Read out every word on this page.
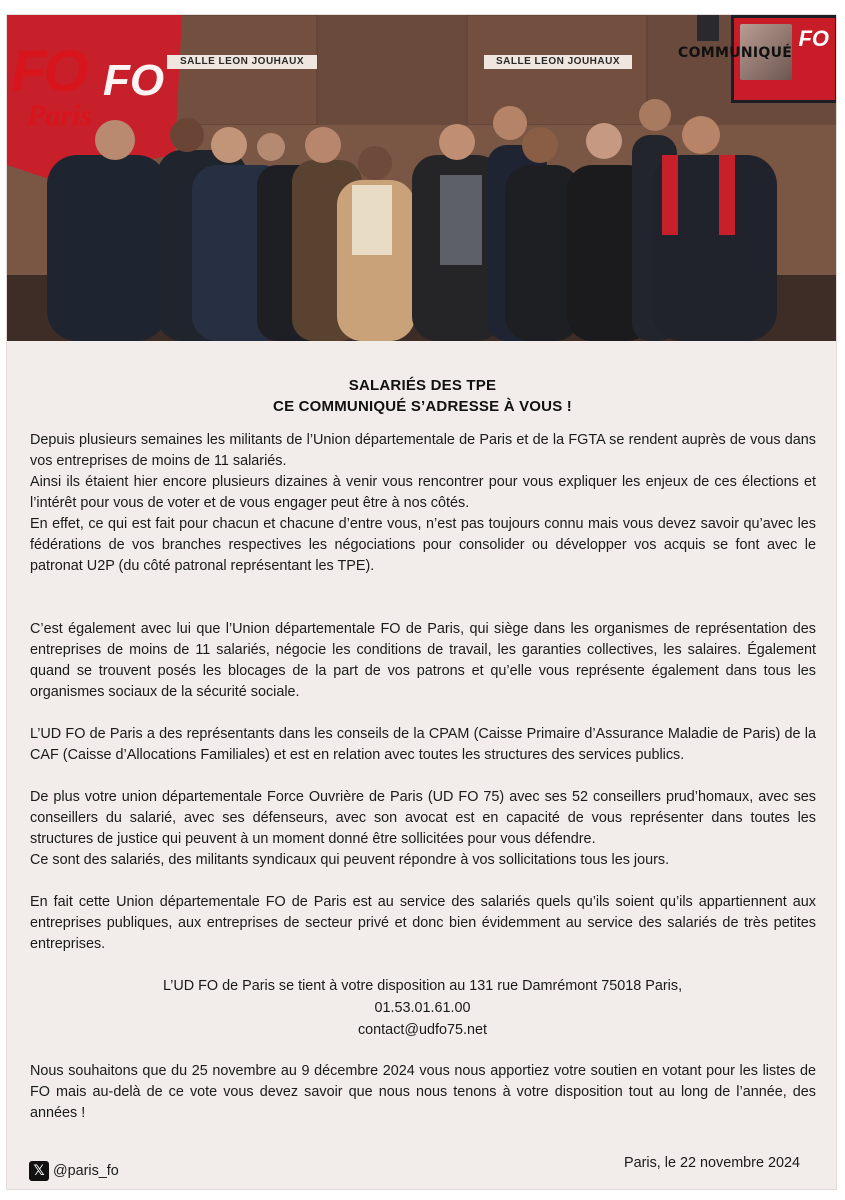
FO
Paris
FO	SALLE LEON JOUHAUX	SALLE LEON JOUHAUX
FO
COMMUNIQUÉ
SALARIÉS DES TPE
CE COMMUNIQUÉ S’ADRESSE À VOUS !

Depuis plusieurs semaines les militants de l’Union départementale de Paris et de la FGTA se rendent auprès de vous dans vos entreprises de moins de 11 salariés.

Ainsi ils étaient hier encore plusieurs dizaines à venir vous rencontrer pour vous expliquer les enjeux de ces élections et l’intérêt pour vous de voter et de vous engager peut être à nos côtés.

En effet, ce qui est fait pour chacun et chacune d’entre vous, n’est pas toujours connu mais vous devez savoir qu’avec les fédérations de vos branches respectives les négociations pour consolider ou développer vos acquis se font avec le patronat U2P (du côté patronal représentant les TPE).

C’est également avec lui que l’Union départementale FO de Paris, qui siège dans les organismes de représentation des entreprises de moins de 11 salariés, négocie les conditions de travail, les garanties collectives, les salaires. Également quand se trouvent posés les blocages de la part de vos patrons et qu’elle vous représente également dans tous les organismes sociaux de la sécurité sociale.

L’UD FO de Paris a des représentants dans les conseils de la CPAM (Caisse Primaire d’Assurance Maladie de Paris) de la CAF (Caisse d’Allocations Familiales) et est en relation avec toutes les structures des services publics.

De plus votre union départementale Force Ouvrière de Paris (UD FO 75) avec ses 52 conseillers prud’homaux, avec ses conseillers du salarié, avec ses défenseurs, avec son avocat est en capacité de vous représenter dans toutes les structures de justice qui peuvent à un moment donné être sollicitées pour vous défendre.

Ce sont des salariés, des militants syndicaux qui peuvent répondre à vos sollicitations tous les jours.

En fait cette Union départementale FO de Paris est au service des salariés quels qu’ils soient qu’ils appartiennent aux entreprises publiques, aux entreprises de secteur privé et donc bien évidemment au service des salariés de très petites entreprises.

L’UD FO de Paris se tient à votre disposition au 131 rue Damrémont 75018 Paris,
01.53.01.61.00
contact@udfo75.net

Nous souhaitons que du 25 novembre au 9 décembre 2024 vous nous apportiez votre soutien en votant pour les listes de FO mais au-delà de ce vote vous devez savoir que nous nous tenons à votre disposition tout au long de l’année, des années !

𝕏 @paris_fo	Paris, le 22 novembre 2024
